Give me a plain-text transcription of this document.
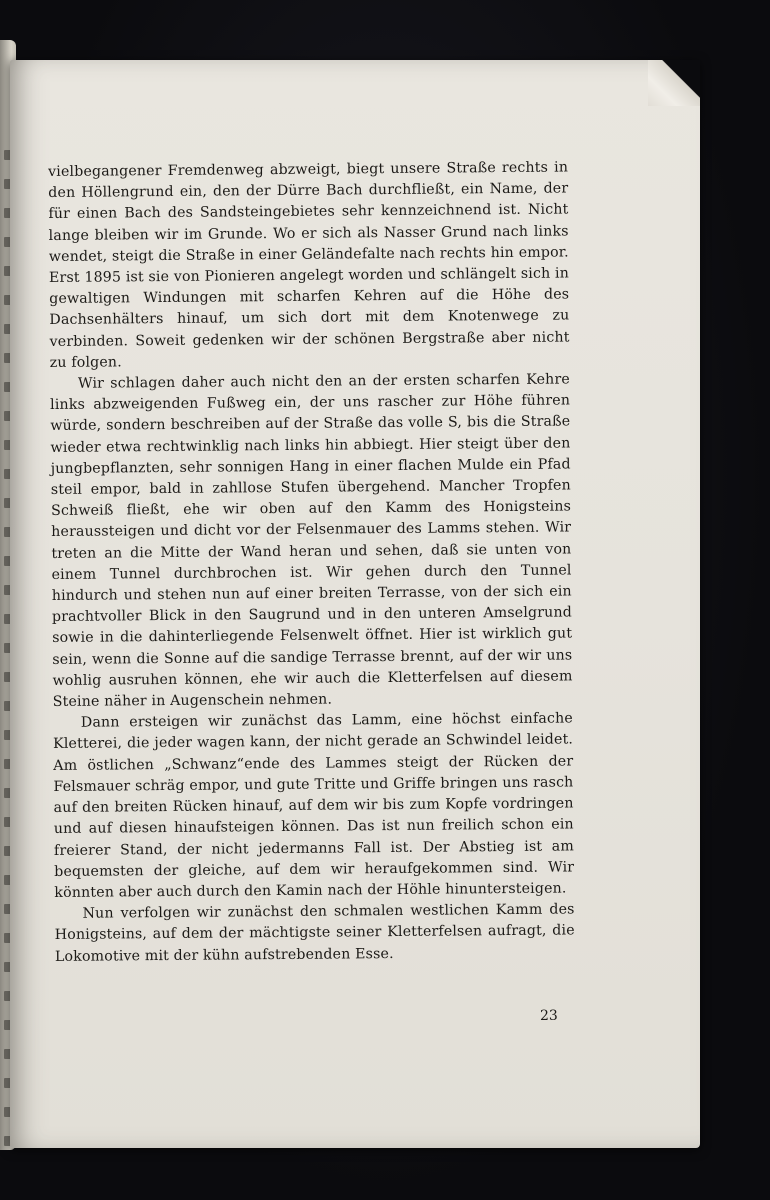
vielbegangener Fremdenweg abzweigt, biegt unsere Straße rechts in den Höllengrund ein, den der Dürre Bach durchfließt, ein Name, der für einen Bach des Sandsteingebietes sehr kennzeichnend ist. Nicht lange bleiben wir im Grunde. Wo er sich als Nasser Grund nach links wendet, steigt die Straße in einer Geländefalte nach rechts hin empor. Erst 1895 ist sie von Pionieren angelegt worden und schlängelt sich in gewaltigen Windungen mit scharfen Kehren auf die Höhe des Dachsenhälters hinauf, um sich dort mit dem Knotenwege zu verbinden. Soweit gedenken wir der schönen Bergstraße aber nicht zu folgen.

Wir schlagen daher auch nicht den an der ersten scharfen Kehre links abzweigenden Fußweg ein, der uns rascher zur Höhe führen würde, sondern beschreiben auf der Straße das volle S, bis die Straße wieder etwa rechtwinklig nach links hin abbiegt. Hier steigt über den jungbepflanzten, sehr sonnigen Hang in einer flachen Mulde ein Pfad steil empor, bald in zahllose Stufen übergehend. Mancher Tropfen Schweiß fließt, ehe wir oben auf den Kamm des Honigsteins heraussteigen und dicht vor der Felsenmauer des Lamms stehen. Wir treten an die Mitte der Wand heran und sehen, daß sie unten von einem Tunnel durchbrochen ist. Wir gehen durch den Tunnel hindurch und stehen nun auf einer breiten Terrasse, von der sich ein prachtvoller Blick in den Saugrund und in den unteren Amselgrund sowie in die dahinterliegende Felsenwelt öffnet. Hier ist wirklich gut sein, wenn die Sonne auf die sandige Terrasse brennt, auf der wir uns wohlig ausruhen können, ehe wir auch die Kletterfelsen auf diesem Steine näher in Augenschein nehmen.

Dann ersteigen wir zunächst das Lamm, eine höchst einfache Kletterei, die jeder wagen kann, der nicht gerade an Schwindel leidet. Am östlichen „Schwanz“ende des Lammes steigt der Rücken der Felsmauer schräg empor, und gute Tritte und Griffe bringen uns rasch auf den breiten Rücken hinauf, auf dem wir bis zum Kopfe vordringen und auf diesen hinaufsteigen können. Das ist nun freilich schon ein freierer Stand, der nicht jedermanns Fall ist. Der Abstieg ist am bequemsten der gleiche, auf dem wir heraufgekommen sind. Wir könnten aber auch durch den Kamin nach der Höhle hinuntersteigen.

Nun verfolgen wir zunächst den schmalen westlichen Kamm des Honigsteins, auf dem der mächtigste seiner Kletterfelsen aufragt, die Lokomotive mit der kühn aufstrebenden Esse.

23
